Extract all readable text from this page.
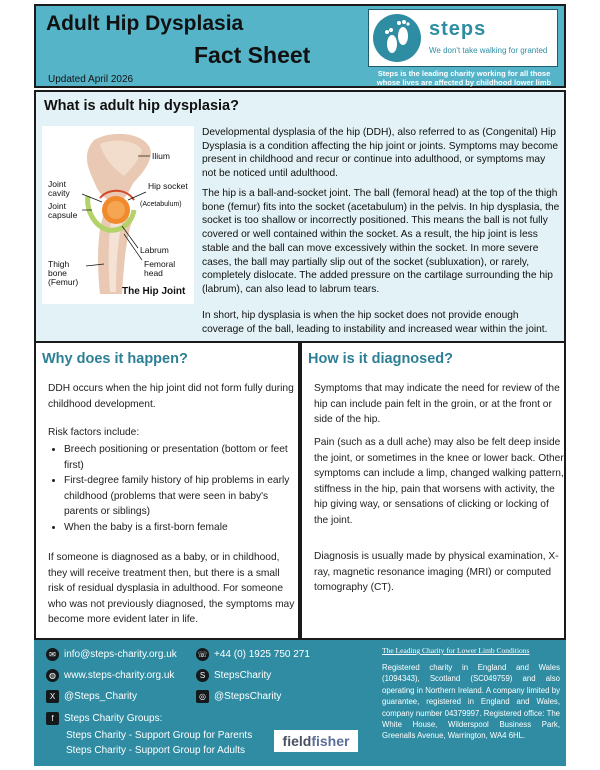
Adult Hip Dysplasia
Fact Sheet
Updated April 2026
steps
We don't take walking for granted
Steps is the leading charity working for all those whose lives are affected by childhood lower limb
What is adult hip dysplasia?
Ilium
Joint cavity
Joint capsule
Hip socket
(Acetabulum)
Labrum
Femoral head
Thigh bone (Femur)
The Hip Joint
Developmental dysplasia of the hip (DDH), also referred to as (Congenital) Hip Dysplasia is a condition affecting the hip joint or joints. Symptoms may become present in childhood and recur or continue into adulthood, or symptoms may not be noticed until adulthood.
The hip is a ball-and-socket joint. The ball (femoral head) at the top of the thigh bone (femur) fits into the socket (acetabulum) in the pelvis. In hip dysplasia, the socket is too shallow or incorrectly positioned. This means the ball is not fully covered or well contained within the socket. As a result, the hip joint is less stable and the ball can move excessively within the socket. In more severe cases, the ball may partially slip out of the socket (subluxation), or rarely, completely dislocate. The added pressure on the cartilage surrounding the hip (labrum), can also lead to labrum tears.
In short, hip dysplasia is when the hip socket does not provide enough coverage of the ball, leading to instability and increased wear within the joint.
Why does it happen?
DDH occurs when the hip joint did not form fully during childhood development.
Risk factors include:
• Breech positioning or presentation (bottom or feet first)
• First-degree family history of hip problems in early childhood (problems that were seen in baby's parents or siblings)
• When the baby is a first-born female
If someone is diagnosed as a baby, or in childhood, they will receive treatment then, but there is a small risk of residual dysplasia in adulthood. For someone who was not previously diagnosed, the symptoms may become more evident later in life.
How is it diagnosed?
Symptoms that may indicate the need for review of the hip can include pain felt in the groin, or at the front or side of the hip.
Pain (such as a dull ache) may also be felt deep inside the joint, or sometimes in the knee or lower back. Other symptoms can include a limp, changed walking pattern, stiffness in the hip, pain that worsens with activity, the hip giving way, or sensations of clicking or locking of the joint.
Diagnosis is usually made by physical examination, X-ray, magnetic resonance imaging (MRI) or computed tomography (CT).
✉ info@steps-charity.org.uk	☏ +44 (0) 1925 750 271
◍ www.steps-charity.org.uk	S StepsCharity
X @Steps_Charity	◎ @StepsCharity
f	Steps Charity Groups:
Steps Charity - Support Group for Parents
Steps Charity - Support Group for Adults
fieldfisher
The Leading Charity for Lower Limb Conditions
Registered charity in England and Wales (1094343), Scotland (SC049759) and also operating in Northern Ireland. A company limited by guarantee, registered in England and Wales, company number 04379997. Registered office: The White House, Wilderspool Business Park, Greenalls Avenue, Warrington, WA4 6HL.
